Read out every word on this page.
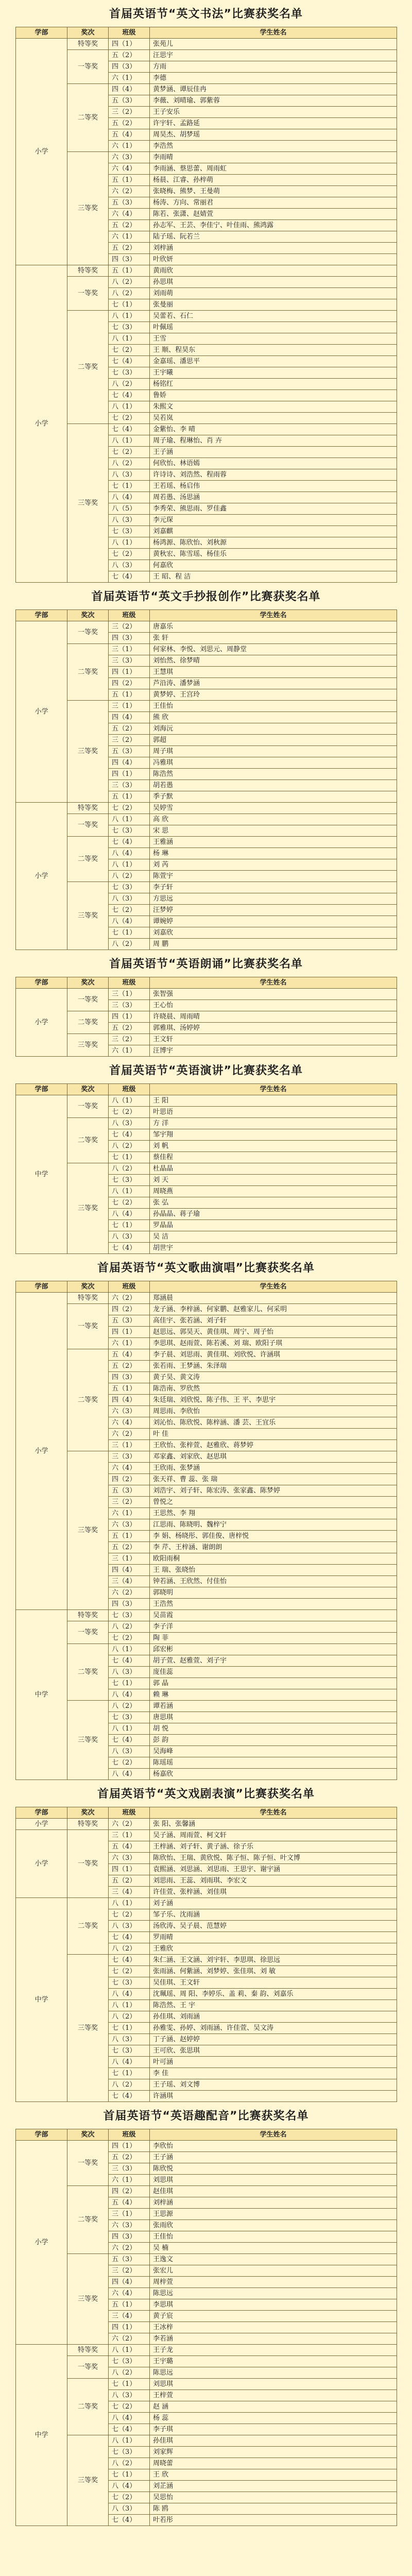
首届英语节“英文书法”比赛获奖名单
学部	奖次	班级	学生姓名
小学	特等奖	四（1）	张苑儿
	一等奖	五（2）	汪思宇
		四（3）	方雨
		六（1）	李德
	二等奖	四（4）	黄梦涵、谭辰佳冉
		五（3）	李薇、刘晴瑜、郭紫蓉
		三（2）	王子安乐
		五（2）	许宇轩、孟路延
		五（4）	周昊杰、胡梦瑶
		六（1）	李浩然
	三等奖	六（3）	李雨晴
		六（4）	李雨涵、蔡思蕾、周雨虹
		五（1）	杨晨、江睿、孙梓萌
		六（2）	张晓梅、熊梦、王曼萌
		五（3）	杨涛、方向、常丽君
		六（4）	陈若、张潇、赵婧萱
		五（2）	孙志军、王芸、李佳宁、叶佳雨、熊鸿露
		六（1）	陆子瑶、阮若兰
		五（2）	刘梓涵
		四（3）	叶欣妍
小学	特等奖	五（1）	黄雨欣
	一等奖	八（2）	孙思琪
		八（2）	刘雨萌
		七（1）	张曼丽
	二等奖	八（1）	吴蕾若、石仁
		七（3）	叶佩瑶
		八（1）	王雪
		七（2）	王 顺、程昊东
		七（4）	金嘉瑶、潘思平
		七（3）	王宇曦
		八（2）	杨铭红
		七（4）	鲁娇
		八（1）	朱熙文
		七（2）	吴若岚
	三等奖	七（4）	金紫怡、李 晴
		八（1）	周子瑜、程琳怡、肖 卉
		七（2）	王子涵
		八（2）	何欣怡、林语嫣
		八（3）	许诗诗、刘浩然、程雨蓉
		七（1）	王若瑶、杨启伟
		八（4）	周若愚、汤思涵
		八（5）	李秀荣、熊思雨、罗佳鑫
		八（3）	李元琛
		七（3）	刘嘉麒
		八（1）	杨鸿源、陈欣怡、刘秋源
		七（2）	黄秋宏、陈雪瑶、杨佳乐
		八（3）	何嘉欣
		七（4）	王 昭、程 洁
首届英语节“英文手抄报创作”比赛获奖名单
学部	奖次	班级	学生姓名
小学	一等奖	三（2）	唐嘉乐
		四（3）	张 轩
	二等奖	三（1）	何家林、李悦、刘思元、周静堂
		三（3）	刘怡然、徐梦晴
		四（1）	王慧琪
		四（2）	芦沿涛、潘梦涵
		五（1）	黄梦婷、王宫玲
	三等奖	三（1）	王佳怡
		四（4）	熊 欣
		五（2）	刘海沅
		三（2）	郭超
		五（3）	周子琪
		四（4）	冯雅琪
		四（1）	陈浩然
		三（3）	胡若愚
		五（1）	季子默
小学	特等奖	七（2）	吴婷雪
	一等奖	八（1）	高 欣
		七（3）	宋 思
	二等奖	七（4）	王雅涵
		八（4）	杨 琳
		八（1）	刘 芮
		八（2）	陈萱宇
	三等奖	七（3）	李子轩
		八（3）	方思远
		七（2）	汪梦婷
		八（4）	谭婉婷
		七（1）	刘嘉欣
		八（2）	周 鹏
首届英语节“英语朗诵”比赛获奖名单
学部	奖次	班级	学生姓名
小学	一等奖	三（1）	张智强
		三（3）	王心怡
	二等奖	四（1）	许晓晨、周雨晴
		五（2）	郭雅琪、汤婷婷
	三等奖	三（2）	王文轩
		六（1）	汪博宇
首届英语节“英语演讲”比赛获奖名单
学部	奖次	班级	学生姓名
中学	一等奖	八（1）	王 阳
		七（2）	叶思语
	二等奖	八（3）	方 洋
		七（4）	邹宇翔
		八（2）	刘 帆
		七（1）	蔡佳程
	三等奖	八（2）	杜晶晶
		七（3）	刘 天
		八（1）	周晓燕
		七（2）	张 弘
		八（4）	孙晶晶、蒋子瑜
		七（1）	罗晶晶
		八（3）	吴 洁
		七（4）	胡世宇
首届英语节“英文歌曲演唱”比赛获奖名单
学部	奖次	班级	学生姓名
小学	特等奖	六（2）	郑涵晨
	一等奖	四（2）	龙子涵、李梓涵、何家鹏、赵雅家儿、何采明
		五（3）	高佳宇、张若涵、刘子轩
		四（1）	赵思远、郭昊天、黄佳琪、周宁、周子怡
		六（1）	李思琪、赵雨萱、陈若溪、刘 瑞、欧阳子琪
	二等奖	五（4）	李子晨、刘思雨、黄佳琪、刘欣悦、许涵琪
		五（2）	张若雨、王梦涵、朱泽瑞
		四（3）	黄子昊、黄文涛
		五（1）	陈浩南、罗欣然
		四（4）	朱廷瑞、刘欣悦、陈子伟、王 平、李思宇
		六（3）	周思雨、李欣怡
		六（4）	刘沁怡、陈欣悦、陈梓涵、潘 芸、王宜乐
		六（2）	叶 佳
		三（1）	王欣怡、张梓萱、赵雅欣、蒋梦婷
	三等奖	三（3）	邓家鑫、刘家欣、赵思琪
		六（4）	王欣雨、张梦涵
		四（2）	张天祥、曹 蕊、张 瑞
		五（3）	刘浩宇、刘子轩、陈宏涛、张家鑫、陈梦婷
		三（2）	曾悦之
		六（1）	王思然、李 翔
		六（3）	江思雨、陈晓明、魏梓宁
		五（1）	李 娟、杨晓彤、郭佳俊、唐梓悦
		五（2）	李 芹、王梓涵、谢朗朗
		三（1）	欧阳雨桐
		四（4）	王 瑞、张晓怡
		三（4）	钟若涵、王欣然、付佳怡
		六（2）	郭晓明
		四（3）	王浩然
中学	特等奖	七（3）	吴苗霞
	一等奖	八（2）	李子洋
		七（2）	陶 菲
	二等奖	八（1）	邱宏彬
		七（4）	胡子萱、赵雅萱、刘子宇
		八（3）	庞佳蕊
		七（1）	郭 晶
		八（4）	赖 琳
	三等奖	八（2）	谭若涵
		七（3）	唐思琪
		八（1）	胡 悦
		七（4）	彭 韵
		八（3）	吴海峰
		七（2）	陈瑶瑶
		八（4）	杨嘉欣
首届英语节“英文戏剧表演”比赛获奖名单
学部	奖次	班级	学生姓名
小学	特等奖	六（2）	张 阳、张馨涵
小学	一等奖	三（1）	吴子涵、周雨萱、柯文轩
		五（4）	王梓涵、刘子轩、黄子涵、徐子乐
		六（3）	陈欣怡、王瑞、黄欣悦、陈子恒、陈子恒、叶文博
		四（1）	袁熙涵、刘思涵、刘思雨、王思宇、谢宇涵
		五（2）	刘思雨、王蕊、刘雨琪、李宏文
		三（4）	许佳萱、张梓涵、刘佳琪
中学	二等奖	八（1）	刘子涵
		七（2）	邹子乐、沈雨涵
		八（3）	汤欣涛、吴子晨、范慧婷
		七（4）	罗雨晴
		八（2）	王雅欣
	三等奖	七（4）	朱仁涵、王文涵、刘宇轩、李思琪、徐思远
		七（2）	张雨涵、何紫涵、刘梦婷、张佳琪、刘 敏
		七（3）	吴佳琪、王文轩
		八（4）	沈珮瑶、周 阳、李婷乐、盖 莉、秦 韵、刘嘉乐
		八（1）	陈浩然、王 宇
		八（2）	孙佳琪、刘雨涵
		七（1）	孙雅雯、孙婷、刘雨涵、许佳萱、吴文涛
		八（3）	丁子涵、赵婷婷
		七（3）	王可欣、张思琪
		八（4）	叶可涵
		七（1）	李 佳
		八（2）	王子瑶、刘文博
		七（4）	许涵琪
首届英语节“英语趣配音”比赛获奖名单
学部	奖次	班级	学生姓名
小学	一等奖	四（1）	李欣怡
		五（2）	王子涵
		三（3）	陈欣悦
		六（1）	刘思琪
	二等奖	四（2）	赵佳琪
		五（4）	刘梓涵
		三（1）	王思源
		六（3）	张雨欣
		四（3）	王佳怡
		六（2）	吴 楠
	三等奖	五（3）	王逸文
		三（2）	张宏儿
		四（4）	周梓萱
		六（4）	陈思远
		五（1）	李思琪
		三（4）	黄子宸
		四（1）	王冰梓
		六（2）	李若涵
中学	特等奖	八（1）	王子龙
	一等奖	七（3）	王宇璐
		八（2）	陈思远
	二等奖	七（1）	刘思琪
		八（3）	王梓萱
		七（2）	赵 涵
		八（4）	杨 蕊
		七（4）	李子琪
	三等奖	八（1）	孙佳琪
		七（3）	刘家辉
		八（2）	周晓蕾
		七（1）	王 欣
		八（4）	刘芷涵
		七（2）	吴思怡
		八（3）	陈 鸥
		七（4）	叶若彤
